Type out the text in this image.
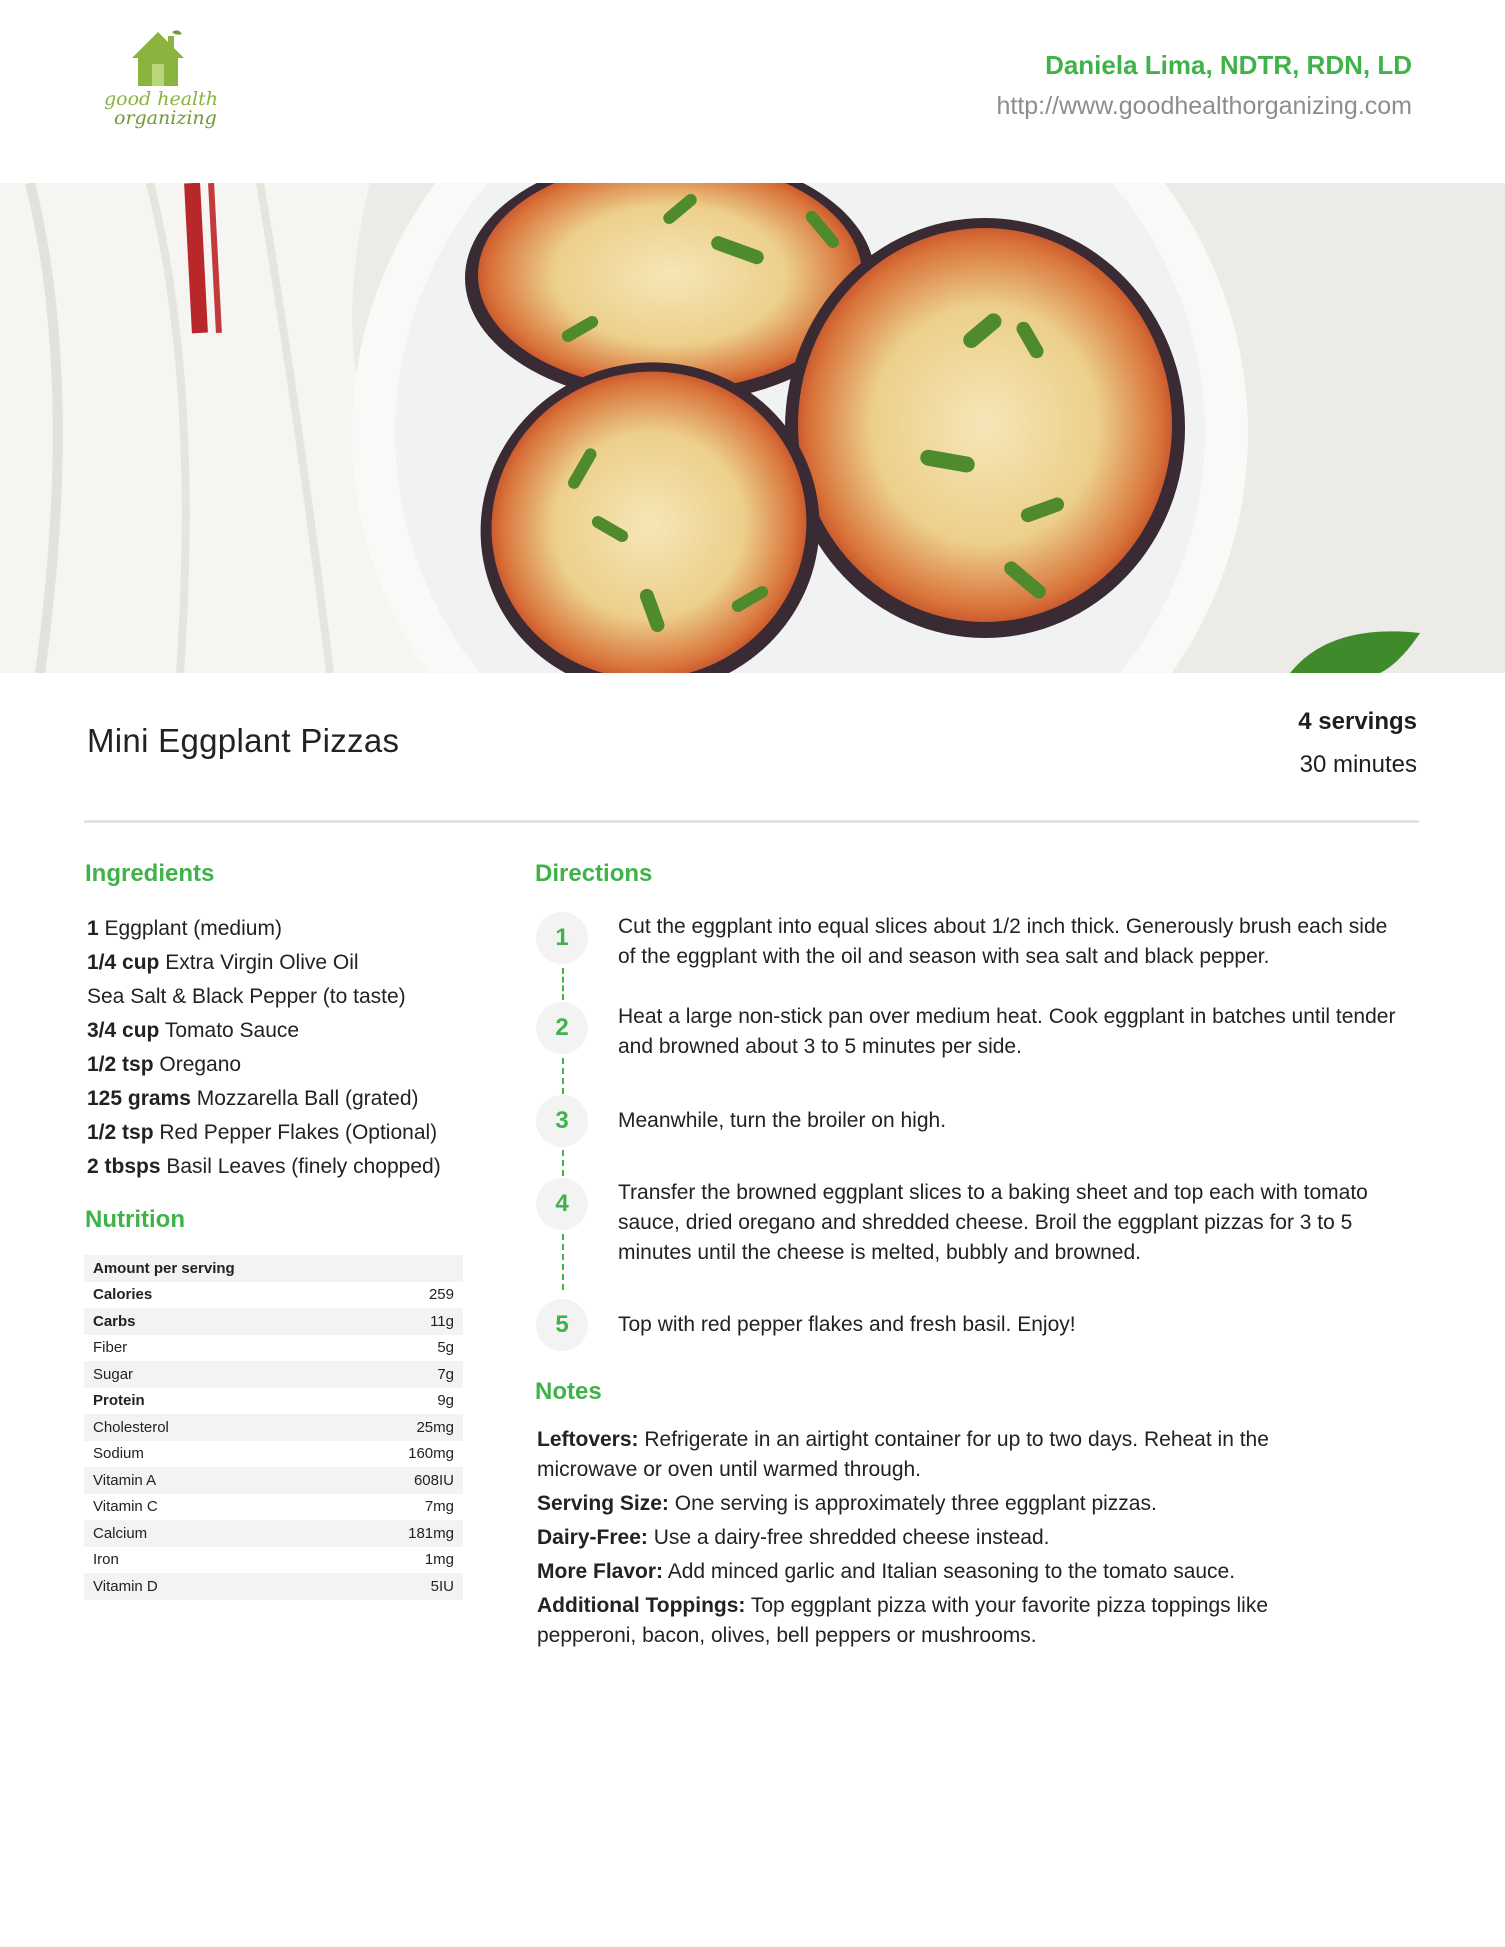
good health
organizing
Daniela Lima, NDTR, RDN, LD
http://www.goodhealthorganizing.com
Mini Eggplant Pizzas
4 servings
30 minutes
Ingredients
1 Eggplant (medium)
1/4 cup Extra Virgin Olive Oil
Sea Salt & Black Pepper (to taste)
3/4 cup Tomato Sauce
1/2 tsp Oregano
125 grams Mozzarella Ball (grated)
1/2 tsp Red Pepper Flakes (Optional)
2 tbsps Basil Leaves (finely chopped)
Nutrition
Amount per serving	
Calories	259
Carbs	11g
Fiber	5g
Sugar	7g
Protein	9g
Cholesterol	25mg
Sodium	160mg
Vitamin A	608IU
Vitamin C	7mg
Calcium	181mg
Iron	1mg
Vitamin D	5IU
Directions
1	Cut the eggplant into equal slices about 1/2 inch thick. Generously brush each side of the eggplant with the oil and season with sea salt and black pepper.
2	Heat a large non-stick pan over medium heat. Cook eggplant in batches until tender and browned about 3 to 5 minutes per side.
3	Meanwhile, turn the broiler on high.
4	Transfer the browned eggplant slices to a baking sheet and top each with tomato sauce, dried oregano and shredded cheese. Broil the eggplant pizzas for 3 to 5 minutes until the cheese is melted, bubbly and browned.
5	Top with red pepper flakes and fresh basil. Enjoy!
Notes

Leftovers: Refrigerate in an airtight container for up to two days. Reheat in the microwave or oven until warmed through.

Serving Size: One serving is approximately three eggplant pizzas.

Dairy-Free: Use a dairy-free shredded cheese instead.

More Flavor: Add minced garlic and Italian seasoning to the tomato sauce.

Additional Toppings: Top eggplant pizza with your favorite pizza toppings like pepperoni, bacon, olives, bell peppers or mushrooms.
